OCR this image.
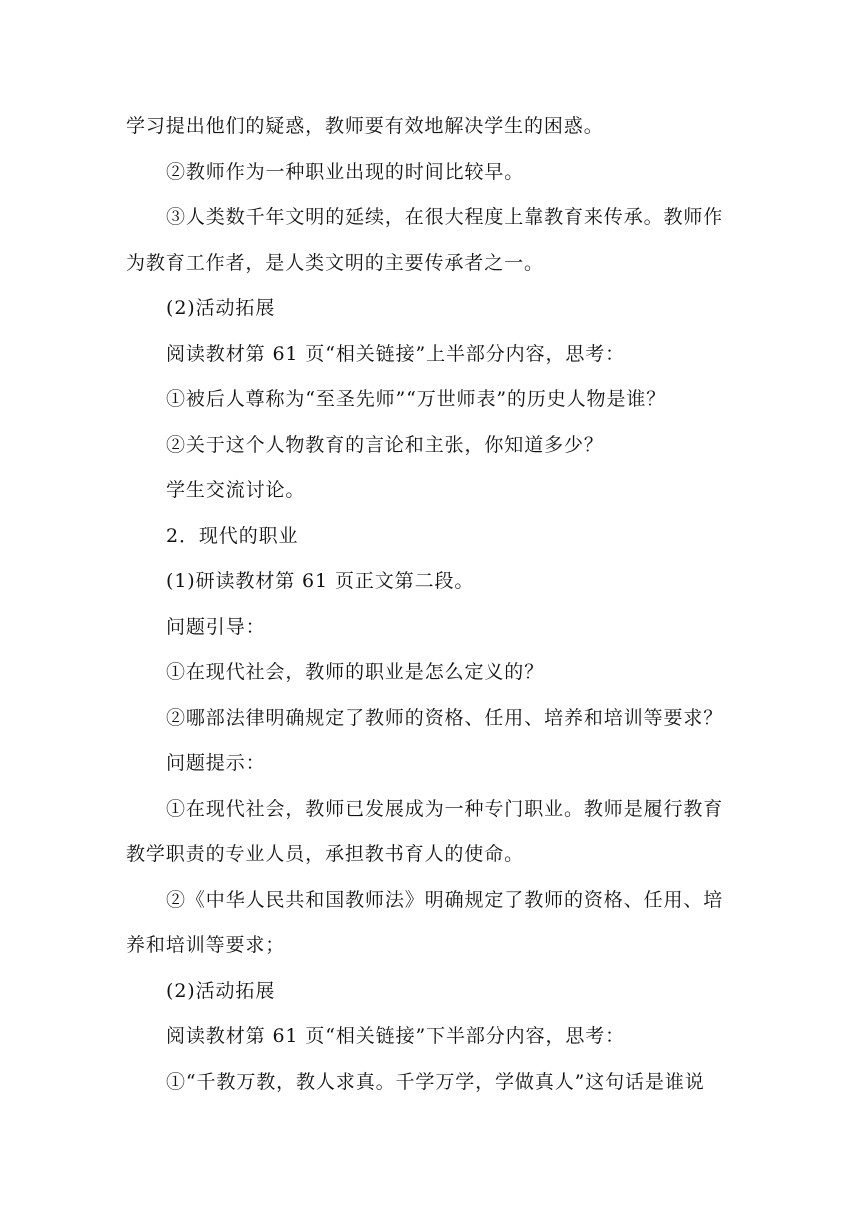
学习提出他们的疑惑，教师要有效地解决学生的困惑。

②教师作为一种职业出现的时间比较早。

③人类数千年文明的延续，在很大程度上靠教育来传承。教师作

为教育工作者，是人类文明的主要传承者之一。

(2)活动拓展

阅读教材第 61 页“相关链接”上半部分内容，思考：

①被后人尊称为“至圣先师”“万世师表”的历史人物是谁？

②关于这个人物教育的言论和主张，你知道多少？

学生交流讨论。

2．现代的职业

(1)研读教材第 61 页正文第二段。

问题引导：

①在现代社会，教师的职业是怎么定义的？

②哪部法律明确规定了教师的资格、任用、培养和培训等要求？

问题提示：

①在现代社会，教师已发展成为一种专门职业。教师是履行教育

教学职责的专业人员，承担教书育人的使命。

②《中华人民共和国教师法》明确规定了教师的资格、任用、培

养和培训等要求；

(2)活动拓展

阅读教材第 61 页“相关链接”下半部分内容，思考：

①“千教万教，教人求真。千学万学，学做真人”这句话是谁说
